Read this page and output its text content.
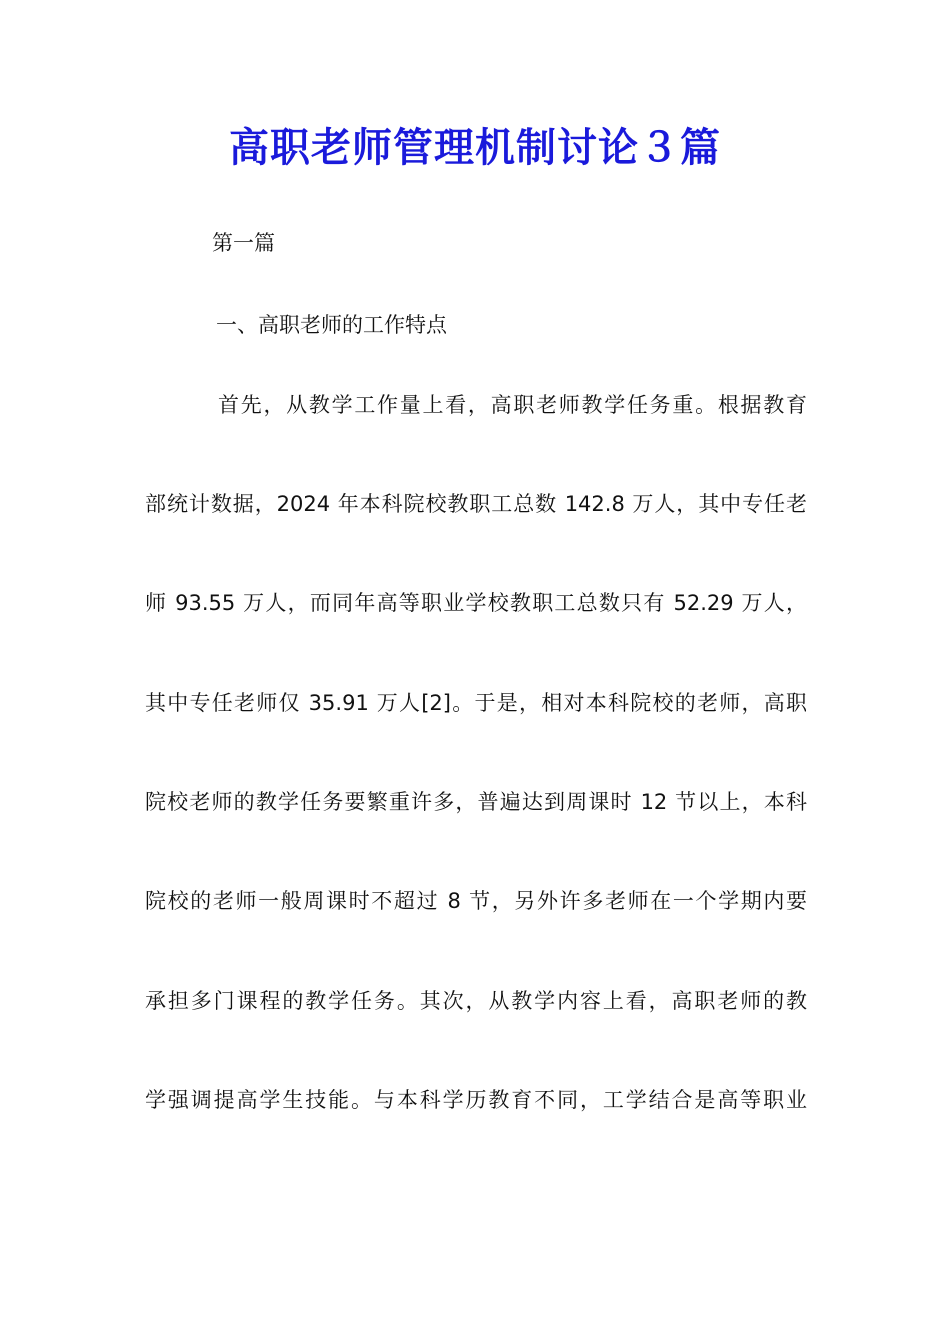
高职老师管理机制讨论３篇
第一篇
一、高职老师的工作特点
首先，从教学工作量上看，高职老师教学任务重。根据教育
部统计数据，2024 年本科院校教职工总数 142.8 万人，其中专任老
师 93.55 万人，而同年高等职业学校教职工总数只有 52.29 万人，
其中专任老师仅 35.91 万人[2]。于是，相对本科院校的老师，高职
院校老师的教学任务要繁重许多，普遍达到周课时 12 节以上，本科
院校的老师一般周课时不超过 8 节，另外许多老师在一个学期内要
承担多门课程的教学任务。其次，从教学内容上看，高职老师的教
学强调提高学生技能。与本科学历教育不同，工学结合是高等职业
